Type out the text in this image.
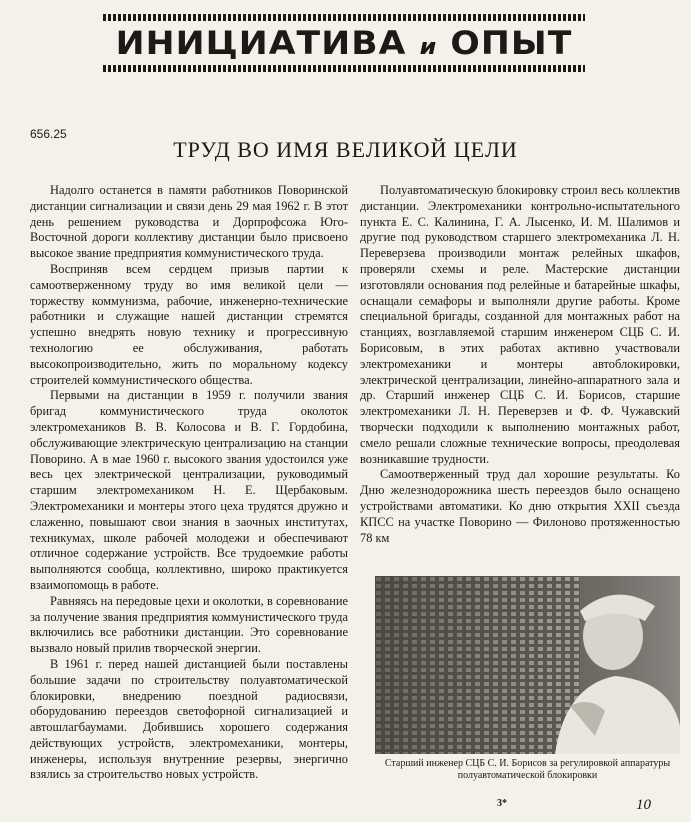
ИНИЦИАТИВА и ОПЫТ
656.25
ТРУД ВО ИМЯ ВЕЛИКОЙ ЦЕЛИ

Надолго останется в памяти работников Поворинской дистанции сигнализации и связи день 29 мая 1962 г. В этот день решением руководства и Дорпрофсожа Юго-Восточной дороги коллективу дистанции было присвоено высокое звание предприятия коммунистического труда.

Восприняв всем сердцем призыв партии к самоотверженному труду во имя великой цели — торжеству коммунизма, рабочие, инженерно-технические работники и служащие нашей дистанции стремятся успешно внедрять новую технику и прогрессивную технологию ее обслуживания, работать высокопроизводительно, жить по моральному кодексу строителей коммунистического общества.

Первыми на дистанции в 1959 г. получили звания бригад коммунистического труда околоток электромехаников В. В. Колосова и В. Г. Гордобина, обслуживающие электрическую централизацию на станции Поворино. А в мае 1960 г. высокого звания удостоился уже весь цех электрической централизации, руководимый старшим электромехаником Н. Е. Щербаковым. Электромеханики и монтеры этого цеха трудятся дружно и слаженно, повышают свои знания в заочных институтах, техникумах, школе рабочей молодежи и обеспечивают отличное содержание устройств. Все трудоемкие работы выполняются сообща, коллективно, широко практикуется взаимопомощь в работе.

Равняясь на передовые цехи и околотки, в соревнование за получение звания предприятия коммунистического труда включились все работники дистанции. Это соревнование вызвало новый прилив творческой энергии.

В 1961 г. перед нашей дистанцией были поставлены большие задачи по строительству полуавтоматической блокировки, внедрению поездной радиосвязи, оборудованию переездов светофорной сигнализацией и автошлагбаумами. Добившись хорошего содержания действующих устройств, электромеханики, монтеры, инженеры, используя внутренние резервы, энергично взялись за строительство новых устройств.

Полуавтоматическую блокировку строил весь коллектив дистанции. Электромеханики контрольно-испытательного пункта Е. С. Калинина, Г. А. Лысенко, И. М. Шалимов и другие под руководством старшего электромеханика Л. Н. Переверзева производили монтаж релейных шкафов, проверяли схемы и реле. Мастерские дистанции изготовляли основания под релейные и батарейные шкафы, оснащали семафоры и выполняли другие работы. Кроме специальной бригады, созданной для монтажных работ на станциях, возглавляемой старшим инженером СЦБ С. И. Борисовым, в этих работах активно участвовали электромеханики и монтеры автоблокировки, электрической централизации, линейно-аппаратного зала и др. Старший инженер СЦБ С. И. Борисов, старшие электромеханики Л. Н. Переверзев и Ф. Ф. Чужавский творчески подходили к выполнению монтажных работ, смело решали сложные технические вопросы, преодолевая возникавшие трудности.

Самоотверженный труд дал хорошие результаты. Ко Дню железнодорожника шесть переездов было оснащено устройствами автоматики. Ко дню открытия XXII съезда КПСС на участке Поворино — Филоново протяженностью 78 км

Старший инженер СЦБ С. И. Борисов за регулировкой аппаратуры полуавтоматической блокировки
3*	10
